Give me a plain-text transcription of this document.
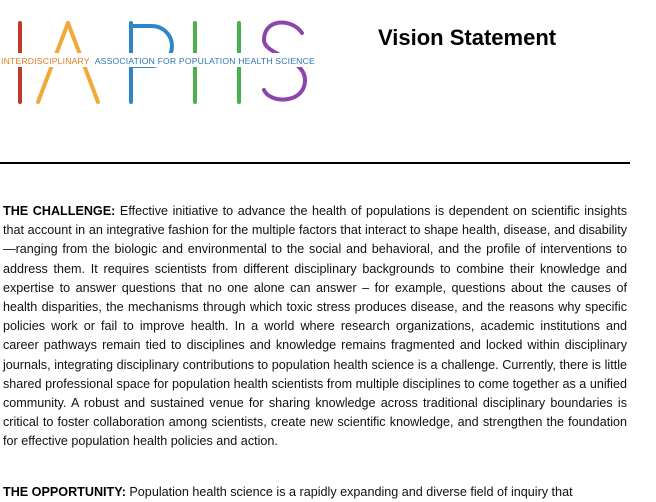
INTERDISCIPLINARY ASSOCIATION FOR POPULATION HEALTH SCIENCE
Vision Statement

THE CHALLENGE: Effective initiative to advance the health of populations is dependent on scientific insights that account in an integrative fashion for the multiple factors that interact to shape health, disease, and disability—ranging from the biologic and environmental to the social and behavioral, and the profile of interventions to address them. It requires scientists from different disciplinary backgrounds to combine their knowledge and expertise to answer questions that no one alone can answer – for example, questions about the causes of health disparities, the mechanisms through which toxic stress produces disease, and the reasons why specific policies work or fail to improve health. In a world where research organizations, academic institutions and career pathways remain tied to disciplines and knowledge remains fragmented and locked within disciplinary journals, integrating disciplinary contributions to population health science is a challenge. Currently, there is little shared professional space for population health scientists from multiple disciplines to come together as a unified community. A robust and sustained venue for sharing knowledge across traditional disciplinary boundaries is critical to foster collaboration among scientists, create new scientific knowledge, and strengthen the foundation for effective population health policies and action.

THE OPPORTUNITY: Population health science is a rapidly expanding and diverse field of inquiry that
